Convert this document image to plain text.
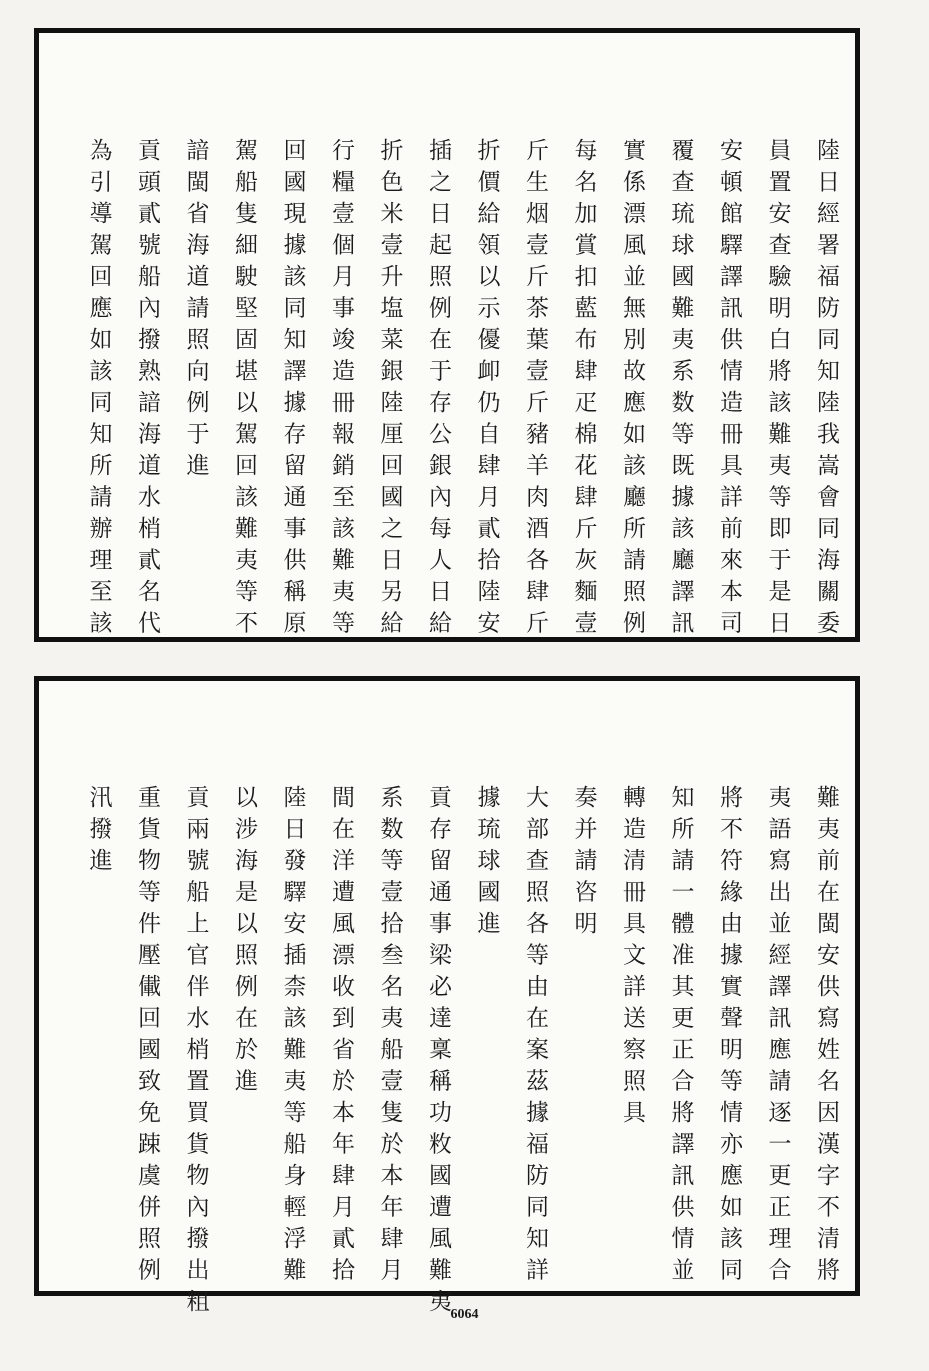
陸日經署福防同知陸我嵩會同海關委
員置安查驗明白將該難夷等即于是日
安頓館驛譯訊供情造冊具詳前來本司
覆查琉球國難夷系数等既據該廳譯訊
實係漂風並無別故應如該廳所請照例
每名加賞扣藍布肆疋棉花肆斤灰麵壹
斤生烟壹斤茶葉壹斤豬羊肉酒各肆斤
折價給領以示優卹仍自肆月貳拾陸安
插之日起照例在于存公銀內每人日給
折色米壹升塩菜銀陸厘回國之日另給
行糧壹個月事竣造冊報銷至該難夷等
回國現據該同知譯據存留通事供稱原
駕船隻細駛堅固堪以駕回該難夷等不
諳閩省海道請照向例于進
貢頭貳號船內撥熟諳海道水梢貳名代
為引導駕回應如該同知所請辦理至該
難夷前在閩安供寫姓名因漢字不清將
夷語寫出並經譯訊應請逐一更正理合
將不符緣由據實聲明等情亦應如該同
知所請一體准其更正合將譯訊供情並
轉造清冊具文詳送察照具
奏并請咨明
大部查照各等由在案茲據福防同知詳
據琉球國進
貢存留通事梁必達稟稱功敉國遭風難夷
系数等壹拾叁名夷船壹隻於本年肆月
間在洋遭風漂收到省於本年肆月貳拾
陸日發驛安插柰該難夷等船身輕浮難
以涉海是以照例在於進
貢兩號船上官伴水梢置買貨物內撥出粗
重貨物等件壓儎回國致免踈虞併照例
汛撥進
6064
